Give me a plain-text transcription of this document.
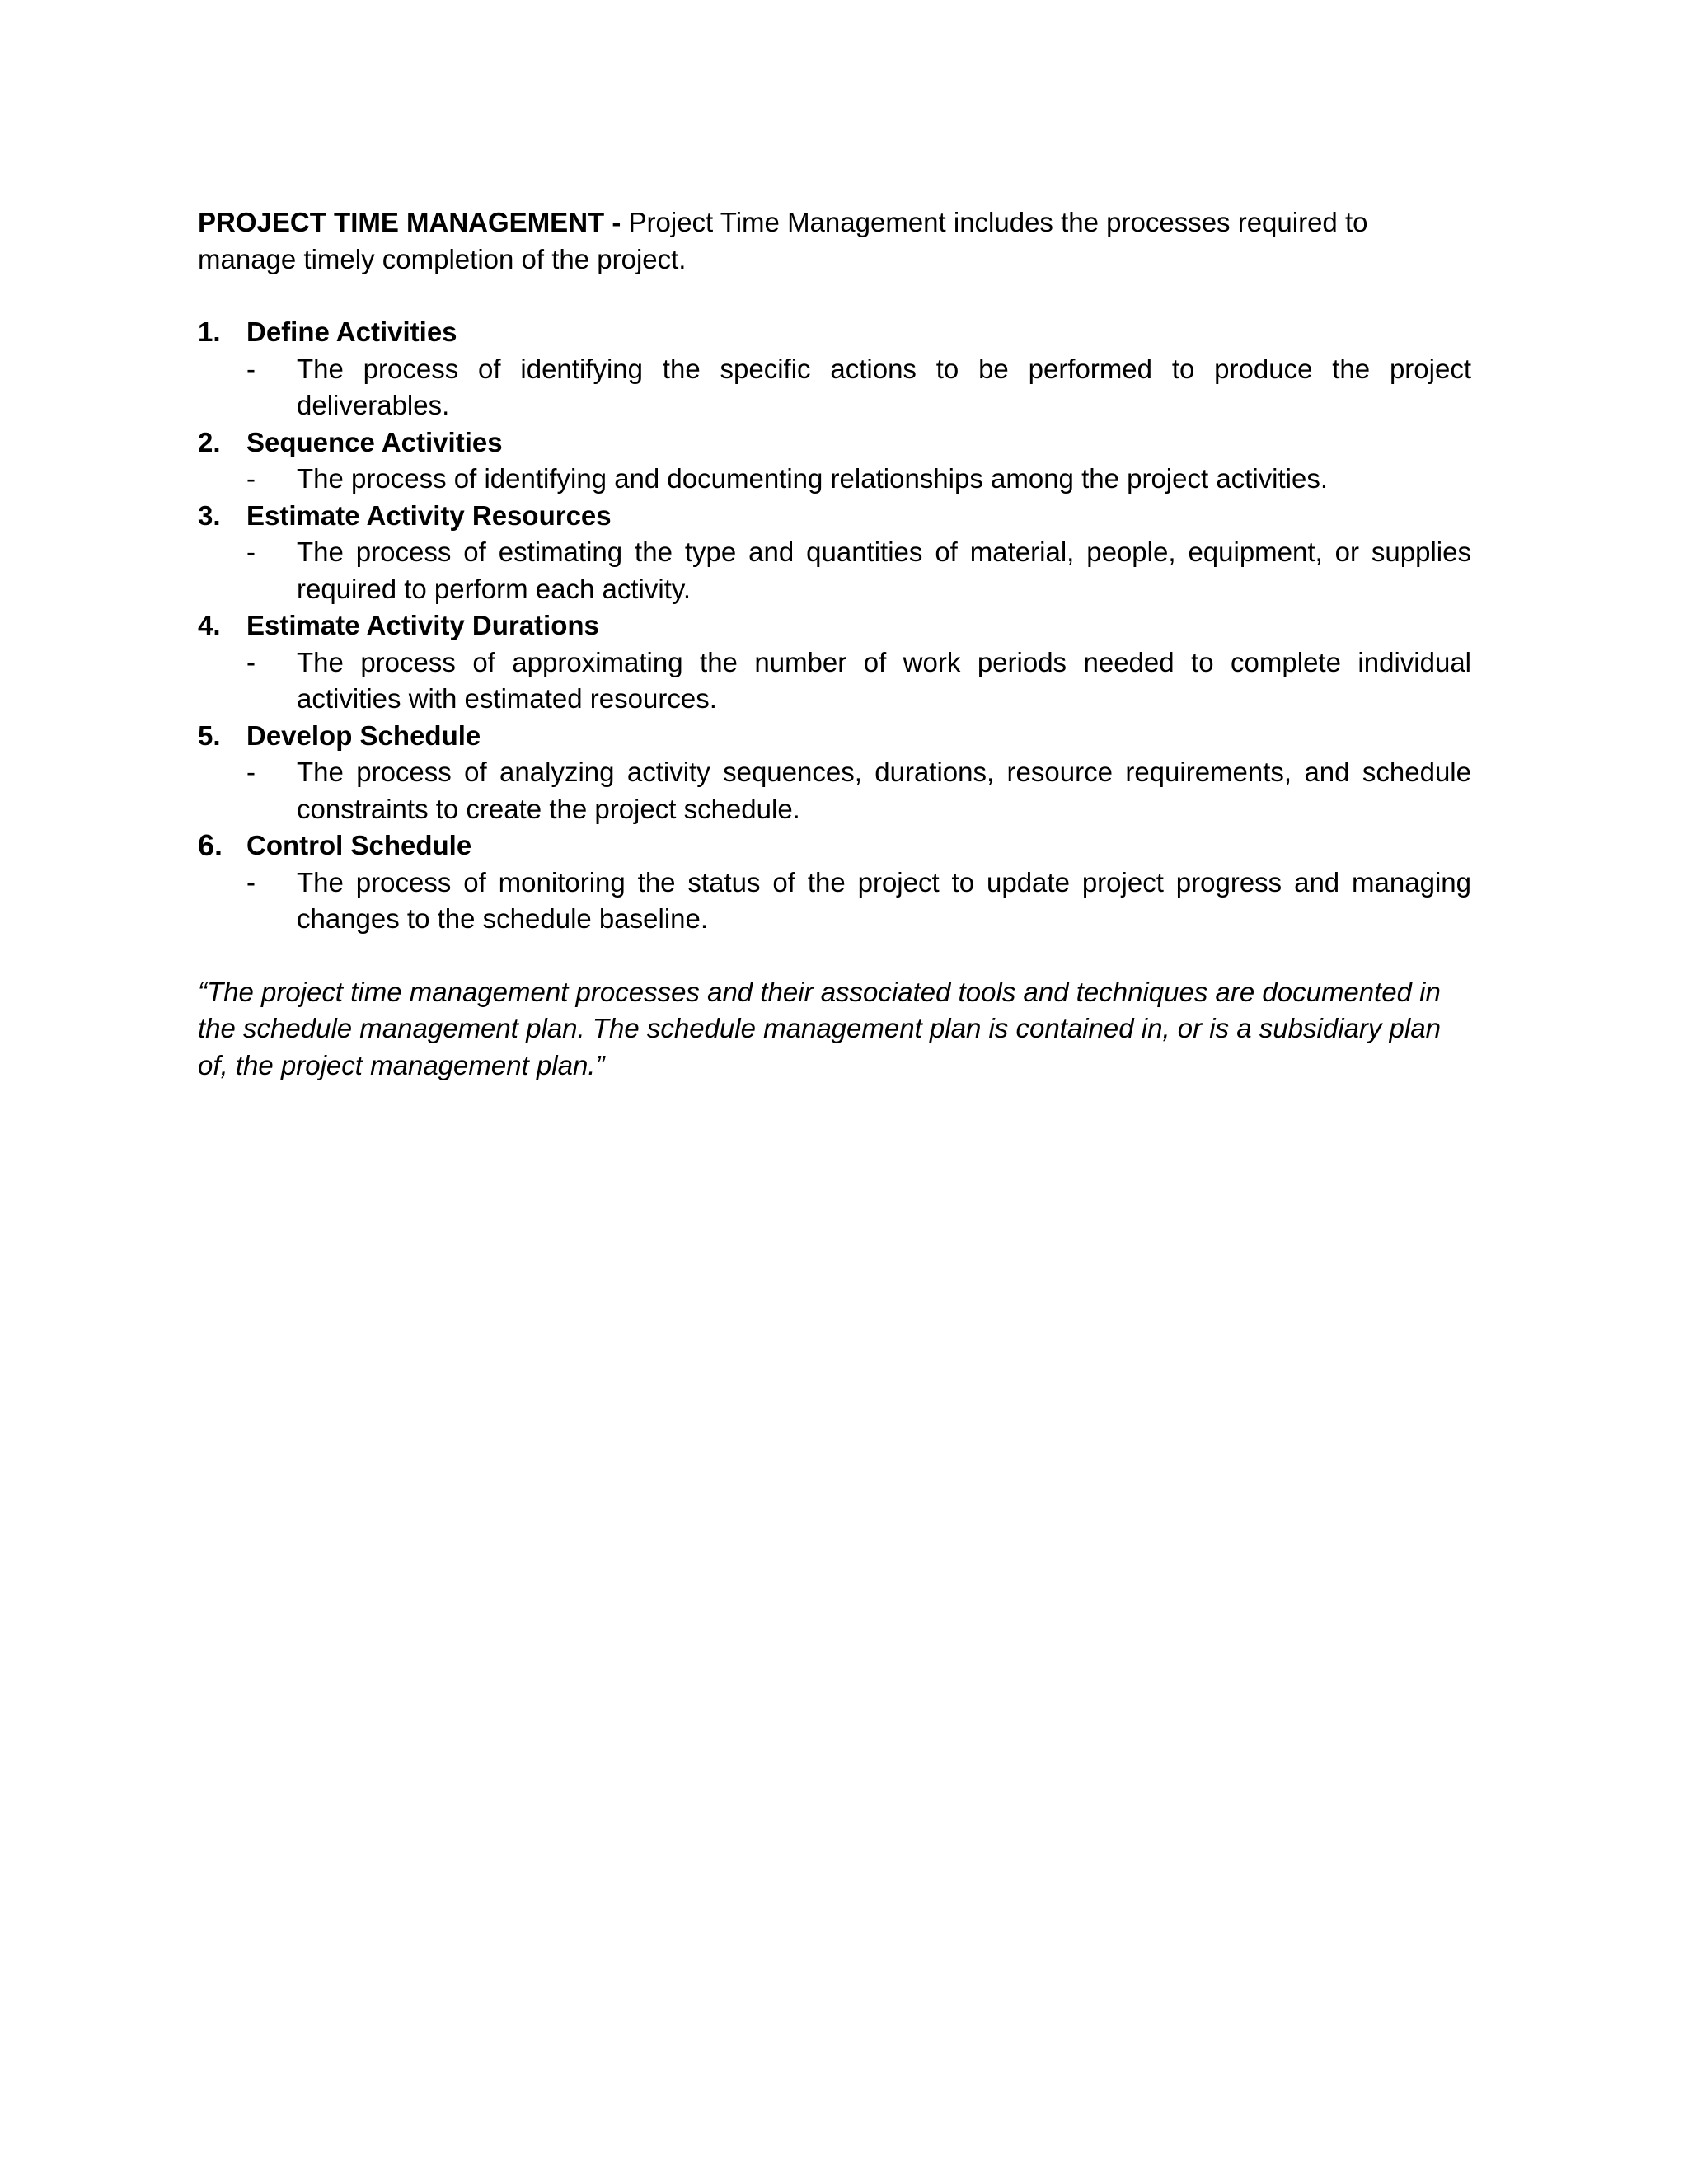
PROJECT TIME MANAGEMENT - Project Time Management includes the processes required to manage timely completion of the project.

1. Define Activities
- The process of identifying the specific actions to be performed to produce the project deliverables.
2. Sequence Activities
- The process of identifying and documenting relationships among the project activities.
3. Estimate Activity Resources
- The process of estimating the type and quantities of material, people, equipment, or supplies required to perform each activity.
4. Estimate Activity Durations
- The process of approximating the number of work periods needed to complete individual activities with estimated resources.
5. Develop Schedule
- The process of analyzing activity sequences, durations, resource requirements, and schedule constraints to create the project schedule.
6. Control Schedule
- The process of monitoring the status of the project to update project progress and managing changes to the schedule baseline.

“The project time management processes and their associated tools and techniques are documented in the schedule management plan. The schedule management plan is contained in, or is a subsidiary plan of, the project management plan.”
